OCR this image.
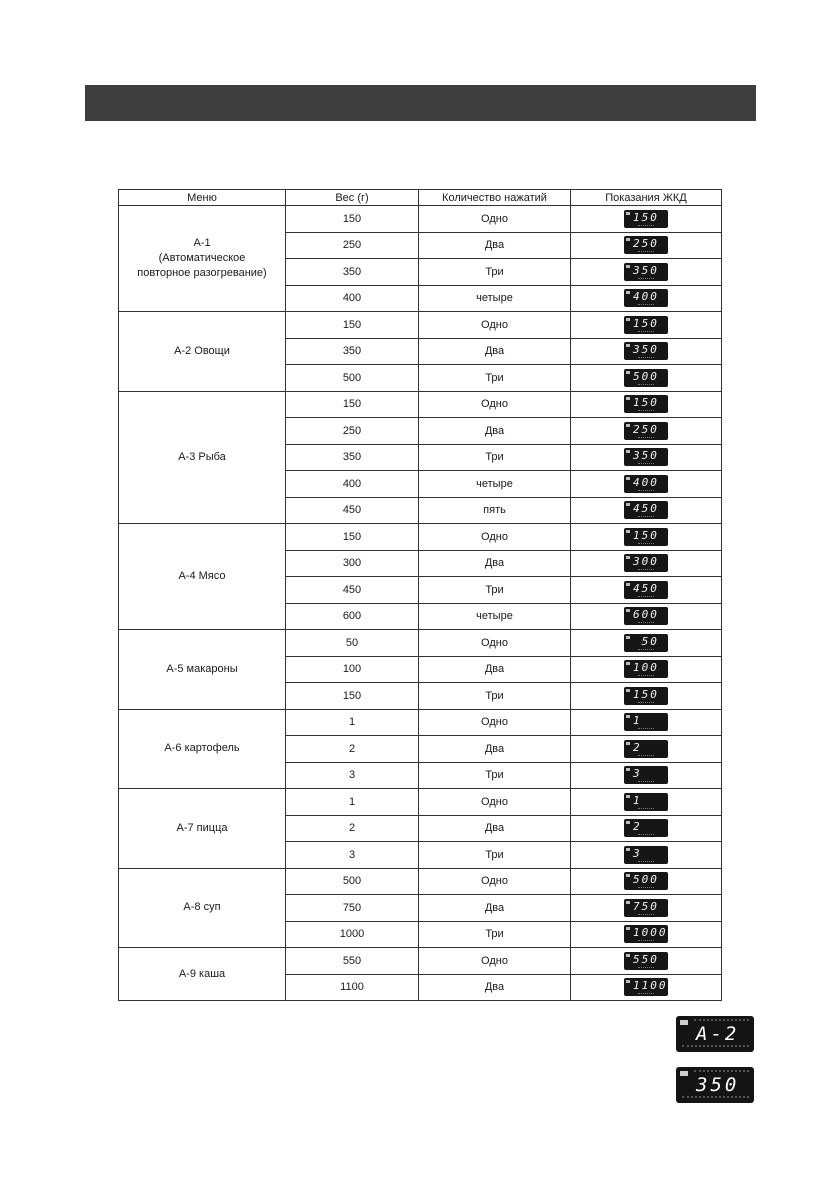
Меню	Вес (г)	Количество нажатий	Показания ЖКД
А-1
(Автоматическое
повторное разогревание)	150	Одно	150

	250	Два	250

	350	Три	350

	400	четыре	400

А-2 Овощи	150	Одно	150

	350	Два	350

	500	Три	500

А-3 Рыба	150	Одно	150

	250	Два	250

	350	Три	350

	400	четыре	400

	450	пять	450

А-4 Мясо	150	Одно	150

	300	Два	300

	450	Три	450

	600	четыре	600

А-5 макароны	50	Одно	50

	100	Два	100

	150	Три	150

А-6 картофель	1	Одно	1

	2	Два	2

	3	Три	3

А-7 пицца	1	Одно	1

	2	Два	2

	3	Три	3

А-8 суп	500	Одно	500

	750	Два	750

	1000	Три	1000

А-9 каша	550	Одно	550

	1100	Два	1100
A-2
350
